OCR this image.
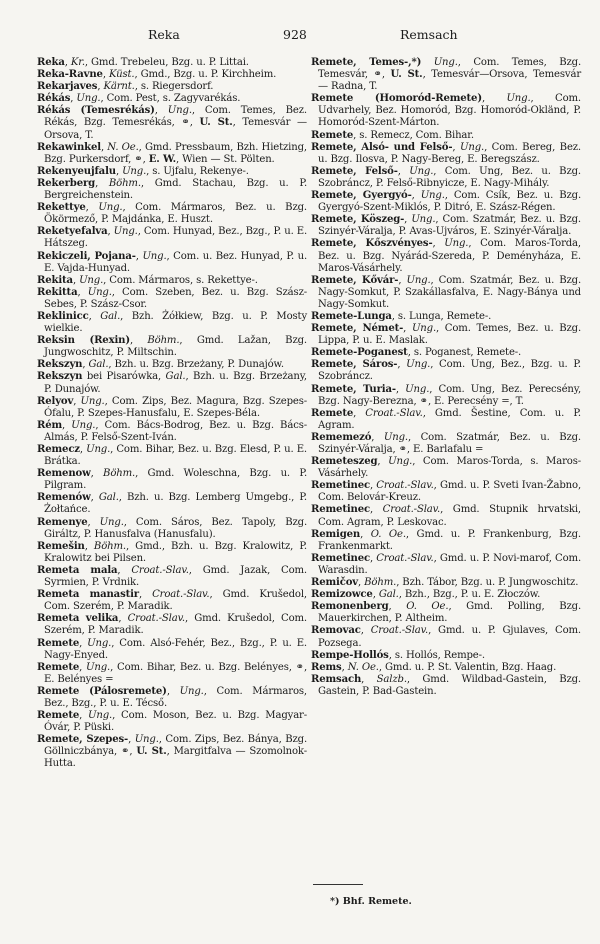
Reka	928	Remsach
Reka, Kr., Gmd. Trebeleu, Bzg. u. P. Littai.
Reka-Ravne, Küst., Gmd., Bzg. u. P. Kirchheim.
Rekarjaves, Kärnt., s. Riegersdorf.
Rékás, Ung., Com. Pest, s. Zagyvarékás.
Rékás (Temesrékás), Ung., Com. Temes, Bez. Rékás, Bzg. Temesrékás, ⚭, U. St., Temesvár — Orsova, T.
Rekawinkel, N. Oe., Gmd. Pressbaum, Bzh. Hietzing, Bzg. Purkersdorf, ⚭, E. W., Wien — St. Pölten.
Rekenyeujfalu, Ung., s. Ujfalu, Rekenye-.
Rekerberg, Böhm., Gmd. Stachau, Bzg. u. P. Bergreichenstein.
Rekettye, Ung., Com. Mármaros, Bez. u. Bzg. Ökörmező, P. Majdánka, E. Huszt.
Reketyefalva, Ung., Com. Hunyad, Bez., Bzg., P. u. E. Hátszeg.
Rekiczeli, Pojana-, Ung., Com. u. Bez. Hunyad, P. u. E. Vajda-Hunyad.
Rekita, Ung., Com. Mármaros, s. Rekettye-.
Rekitta, Ung., Com. Szeben, Bez. u. Bzg. Szász-Sebes, P. Szász-Csor.
Reklinicc, Gal., Bzh. Żółkiew, Bzg. u. P. Mosty wielkie.
Reksin (Rexin), Böhm., Gmd. Lažan, Bzg. Jungwoschitz, P. Miltschin.
Rekszyn, Gal., Bzh. u. Bzg. Brzeżany, P. Dunajów.
Rekszyn bei Pisarówka, Gal., Bzh. u. Bzg. Brzeżany, P. Dunajów.
Relyov, Ung., Com. Zips, Bez. Magura, Bzg. Szepes-Ófalu, P. Szepes-Hanusfalu, E. Szepes-Béla.
Rém, Ung., Com. Bács-Bodrog, Bez. u. Bzg. Bács-Almás, P. Felső-Szent-Iván.
Remecz, Ung., Com. Bihar, Bez. u. Bzg. Elesd, P. u. E. Brátka.
Remenow, Böhm., Gmd. Woleschna, Bzg. u. P. Pilgram.
Remenów, Gal., Bzh. u. Bzg. Lemberg Umgebg., P. Żołtańce.
Remenye, Ung., Com. Sáros, Bez. Tapoly, Bzg. Giráltz, P. Hanusfalva (Hanusfalu).
Remešin, Böhm., Gmd., Bzh. u. Bzg. Kralowitz, P. Kralowitz bei Pilsen.
Remeta mala, Croat.-Slav., Gmd. Jazak, Com. Syrmien, P. Vrdnik.
Remeta manastir, Croat.-Slav., Gmd. Krušedol, Com. Szerém, P. Maradik.
Remeta velika, Croat.-Slav., Gmd. Krušedol, Com. Szerém, P. Maradik.
Remete, Ung., Com. Alsó-Fehér, Bez., Bzg., P. u. E. Nagy-Enyed.
Remete, Ung., Com. Bihar, Bez. u. Bzg. Belényes, ⚭, E. Belényes =
Remete (Pálosremete), Ung., Com. Mármaros, Bez., Bzg., P. u. E. Técső.
Remete, Ung., Com. Moson, Bez. u. Bzg. Magyar-Óvár, P. Püski.
Remete, Szepes-, Ung., Com. Zips, Bez. Bánya, Bzg. Göllniczbánya, ⚭, U. St., Margitfalva — Szomolnok-Hutta.
Remete, Temes-,*) Ung., Com. Temes, Bzg. Temesvár, ⚭, U. St., Temesvár—Orsova, Temesvár — Radna, T.
Remete (Homoród-Remete), Ung., Com. Udvarhely, Bez. Homoród, Bzg. Homoród-Okländ, P. Homoród-Szent-Márton.
Remete, s. Remecz, Com. Bihar.
Remete, Alsó- und Felső-, Ung., Com. Bereg, Bez. u. Bzg. Ilosva, P. Nagy-Bereg, E. Beregszász.
Remete, Felső-, Ung., Com. Ung, Bez. u. Bzg. Szobráncz, P. Felső-Ribnyicze, E. Nagy-Mihály.
Remete, Gyergyó-, Ung., Com. Csík, Bez. u. Bzg. Gyergyó-Szent-Miklós, P. Ditró, E. Szász-Régen.
Remete, Köszeg-, Ung., Com. Szatmár, Bez. u. Bzg. Szinyér-Váralja, P. Avas-Ujváros, E. Szinyér-Váralja.
Remete, Kőszvényes-, Ung., Com. Maros-Torda, Bez. u. Bzg. Nyárád-Szereda, P. Deményháza, E. Maros-Vásárhely.
Remete, Kővár-, Ung., Com. Szatmár, Bez. u. Bzg. Nagy-Somkut, P. Szakállasfalva, E. Nagy-Bánya und Nagy-Somkut.
Remete-Lunga, s. Lunga, Remete-.
Remete, Német-, Ung., Com. Temes, Bez. u. Bzg. Lippa, P. u. E. Maslak.
Remete-Poganest, s. Poganest, Remete-.
Remete, Sáros-, Ung., Com. Ung, Bez., Bzg. u. P. Szobráncz.
Remete, Turia-, Ung., Com. Ung, Bez. Perecsény, Bzg. Nagy-Berezna, ⚭, E. Perecsény =, T.
Remete, Croat.-Slav., Gmd. Šestine, Com. u. P. Agram.
Rememezó, Ung., Com. Szatmár, Bez. u. Bzg. Szinyér-Váralja, ⚭, E. Barlafalu =
Remeteszeg, Ung., Com. Maros-Torda, s. Maros-Vásárhely.
Remetinec, Croat.-Slav., Gmd. u. P. Sveti Ivan-Žabno, Com. Belovár-Kreuz.
Remetinec, Croat.-Slav., Gmd. Stupnik hrvatski, Com. Agram, P. Leskovac.
Remigen, O. Oe., Gmd. u. P. Frankenburg, Bzg. Frankenmarkt.
Remetinec, Croat.-Slav., Gmd. u. P. Novi-marof, Com. Warasdin.
Remičov, Böhm., Bzh. Tábor, Bzg. u. P. Jungwoschitz.
Remizowce, Gal., Bzh., Bzg., P. u. E. Złoczów.
Remonenberg, O. Oe., Gmd. Polling, Bzg. Mauerkirchen, P. Altheim.
Removac, Croat.-Slav., Gmd. u. P. Gjulaves, Com. Pozsega.
Rempe-Hollós, s. Hollós, Rempe-.
Rems, N. Oe., Gmd. u. P. St. Valentin, Bzg. Haag.
Remsach, Salzb., Gmd. Wildbad-Gastein, Bzg. Gastein, P. Bad-Gastein.
*) Bhf. Remete.
